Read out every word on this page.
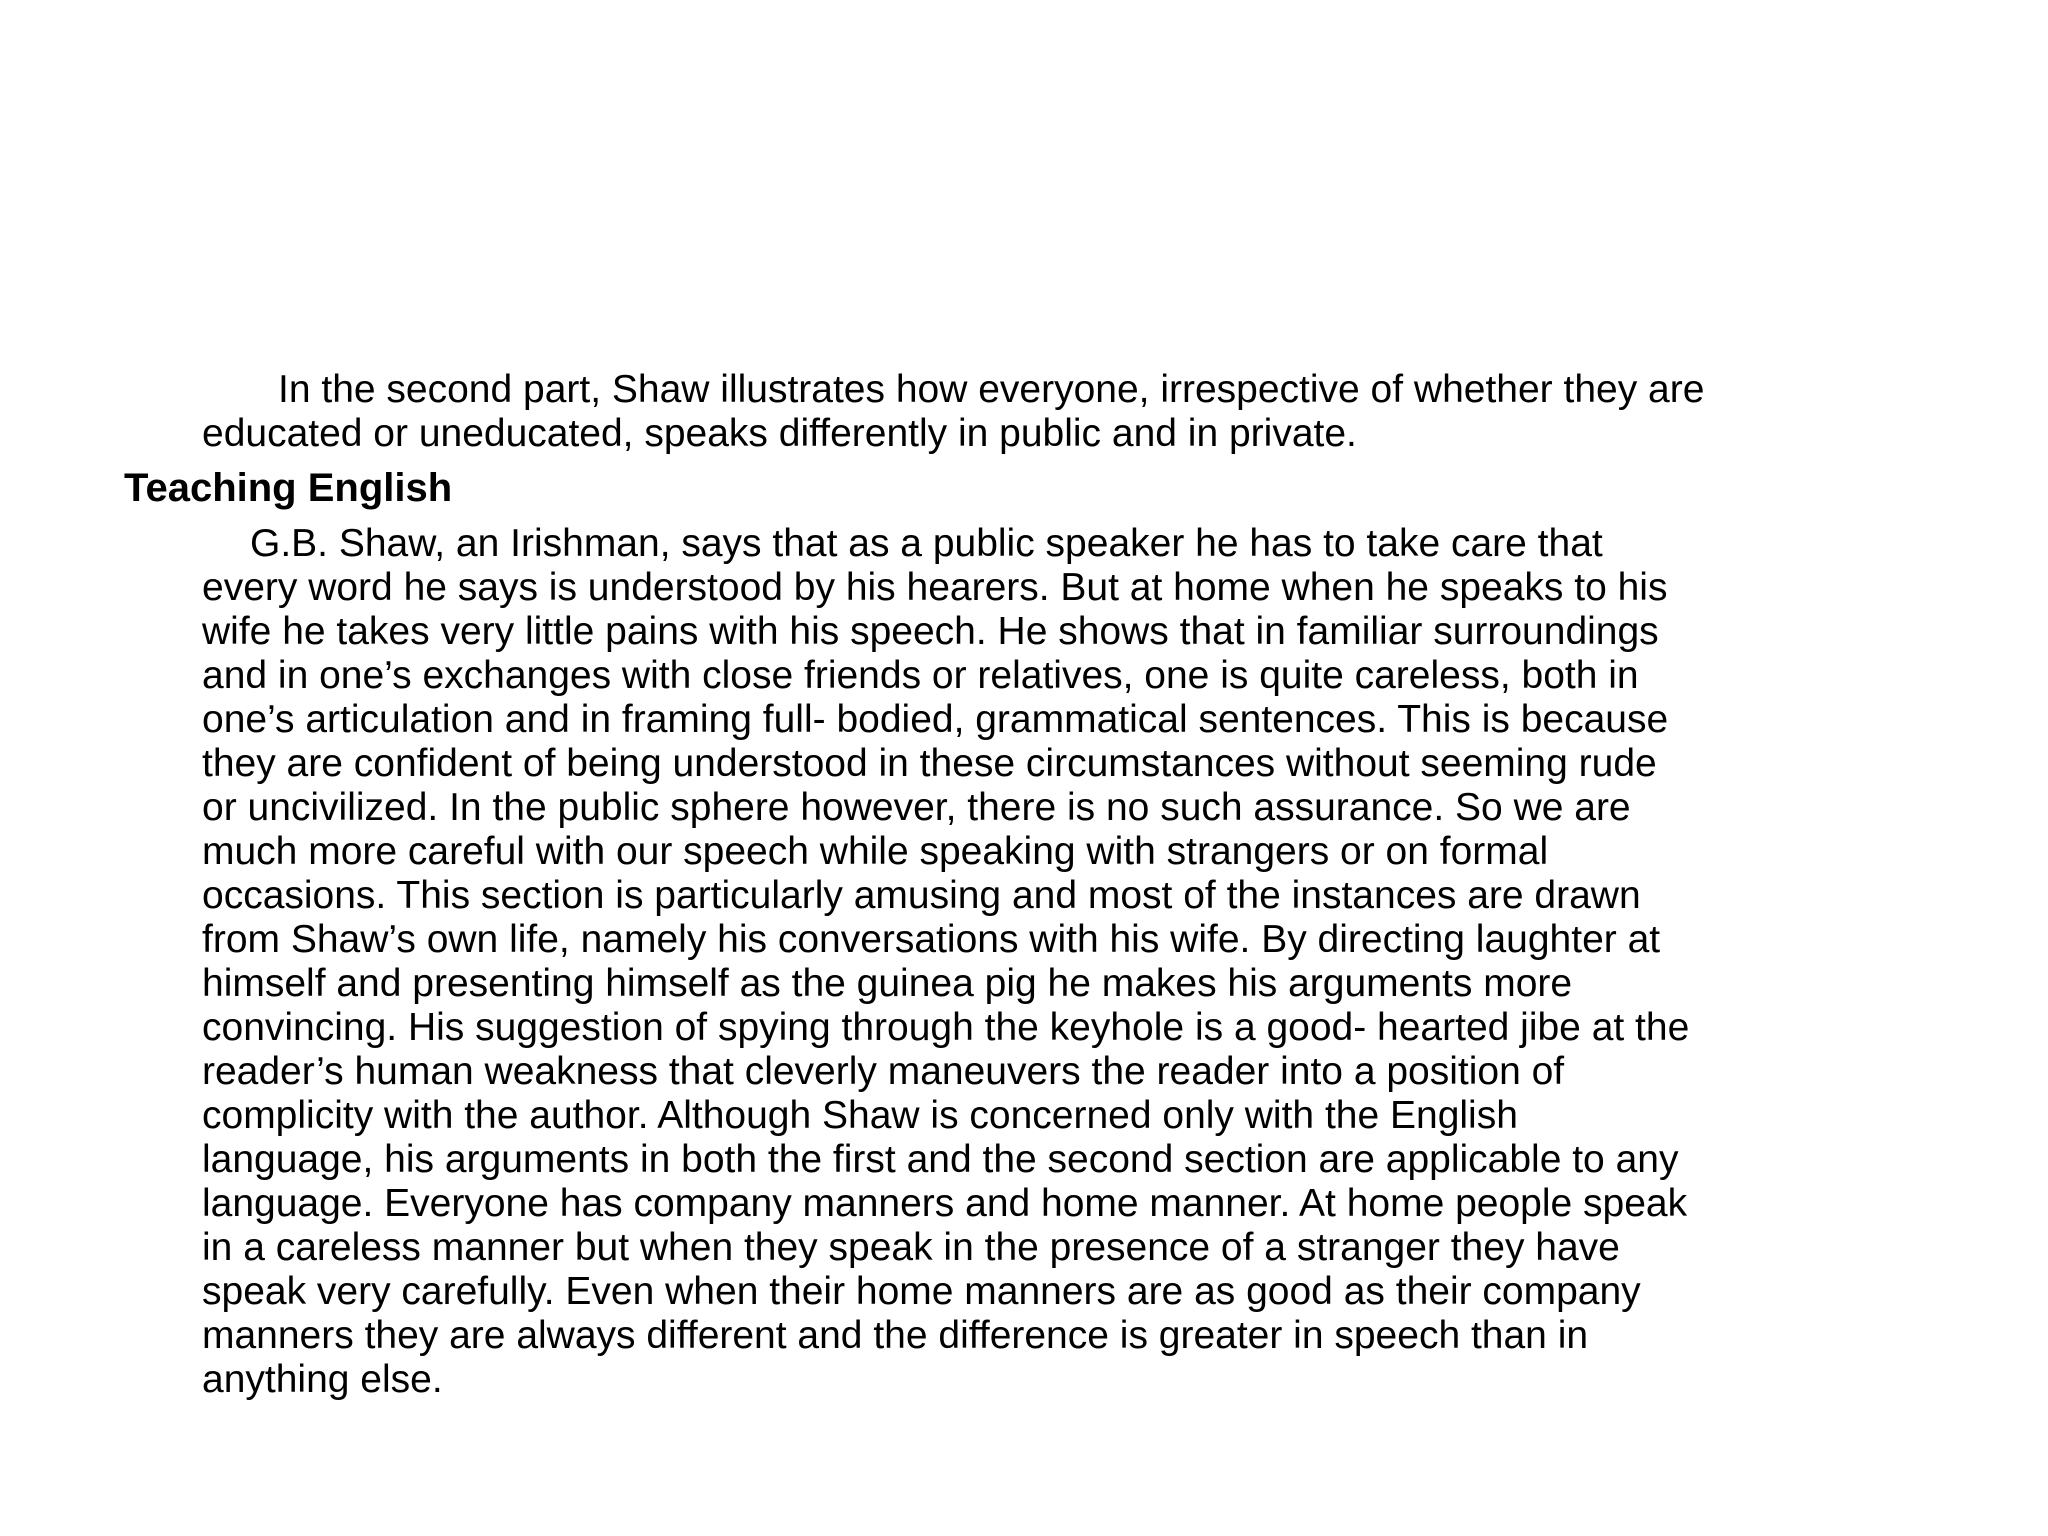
In the second part, Shaw illustrates how everyone, irrespective of whether they are
educated or uneducated, speaks differently in public and in private.

Teaching English

G.B. Shaw, an Irishman, says that as a public speaker he has to take care that
every word he says is understood by his hearers. But at home when he speaks to his
wife he takes very little pains with his speech. He shows that in familiar surroundings
and in one’s exchanges with close friends or relatives, one is quite careless, both in
one’s articulation and in framing full- bodied, grammatical sentences. This is because
they are confident of being understood in these circumstances without seeming rude
or uncivilized. In the public sphere however, there is no such assurance. So we are
much more careful with our speech while speaking with strangers or on formal
occasions. This section is particularly amusing and most of the instances are drawn
from Shaw’s own life, namely his conversations with his wife. By directing laughter at
himself and presenting himself as the guinea pig he makes his arguments more
convincing. His suggestion of spying through the keyhole is a good- hearted jibe at the
reader’s human weakness that cleverly maneuvers the reader into a position of
complicity with the author. Although Shaw is concerned only with the English
language, his arguments in both the first and the second section are applicable to any
language. Everyone has company manners and home manner. At home people speak
in a careless manner but when they speak in the presence of a stranger they have
speak very carefully. Even when their home manners are as good as their company
manners they are always different and the difference is greater in speech than in
anything else.
